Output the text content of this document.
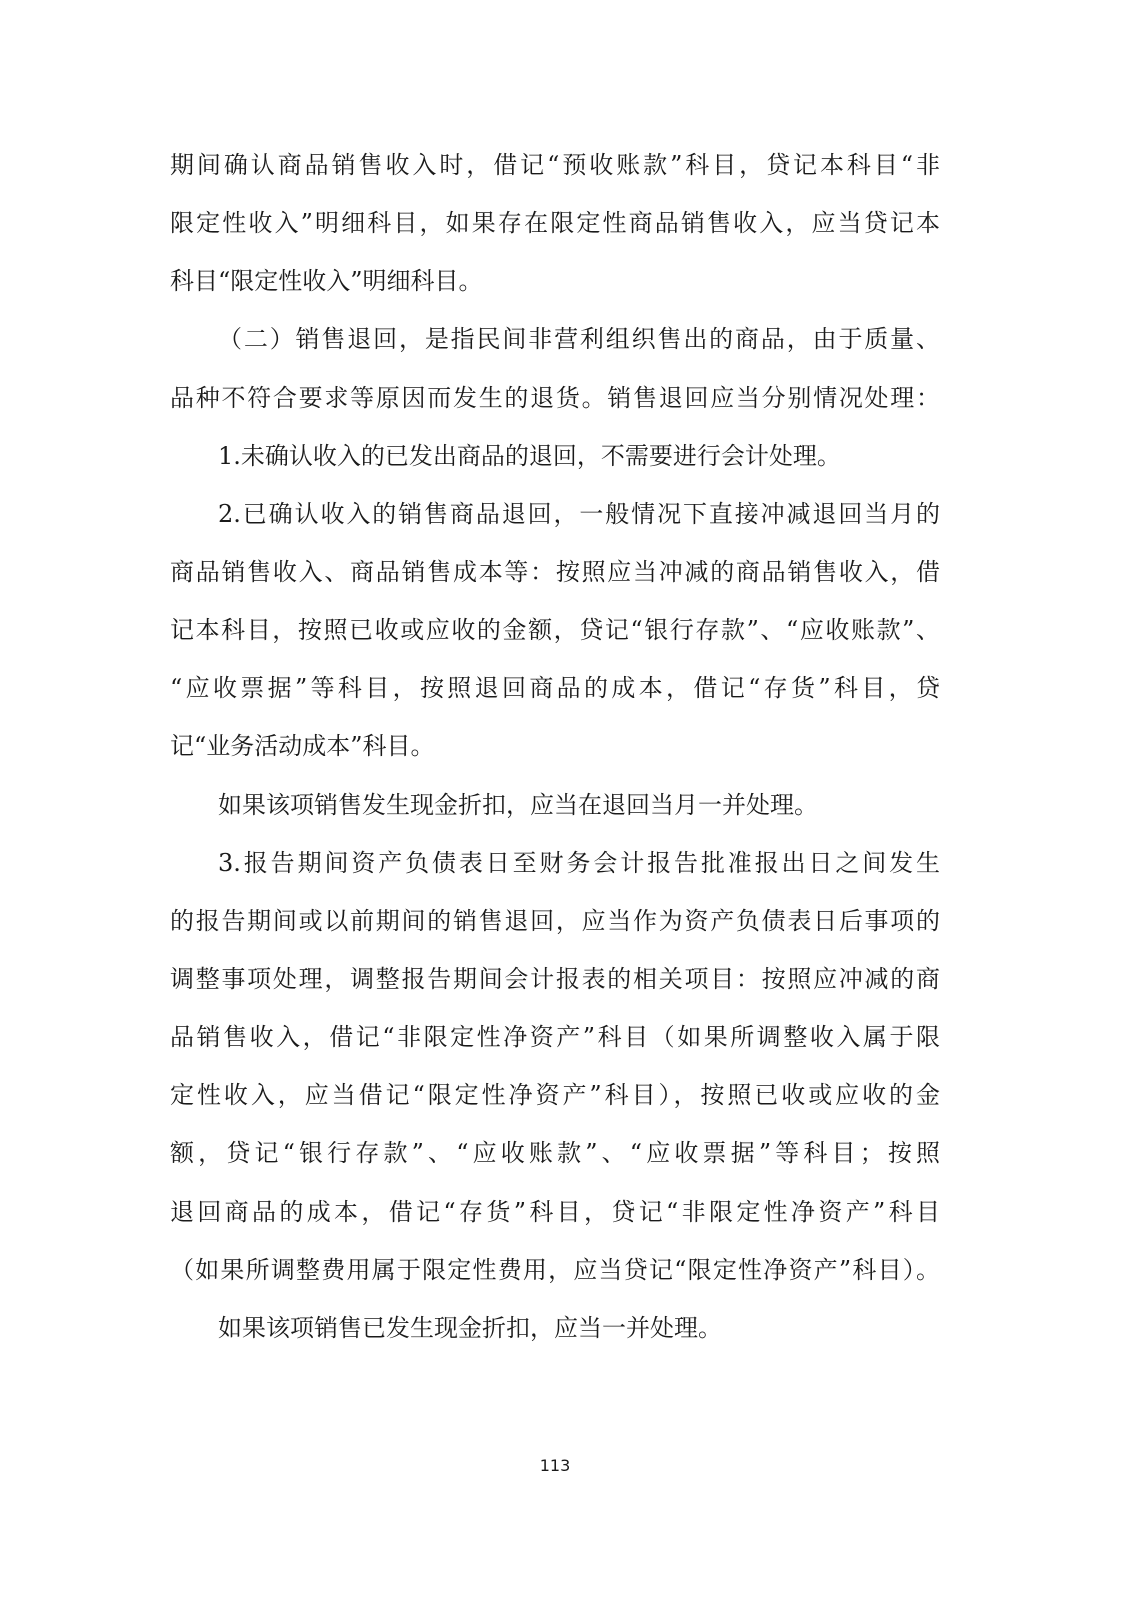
期间确认商品销售收入时，借记“预收账款”科目，贷记本科目“非
限定性收入”明细科目，如果存在限定性商品销售收入，应当贷记本
科目“限定性收入”明细科目。
（二）销售退回，是指民间非营利组织售出的商品，由于质量、
品种不符合要求等原因而发生的退货。销售退回应当分别情况处理：
1.未确认收入的已发出商品的退回，不需要进行会计处理。
2.已确认收入的销售商品退回，一般情况下直接冲减退回当月的
商品销售收入、商品销售成本等：按照应当冲减的商品销售收入，借
记本科目，按照已收或应收的金额，贷记“银行存款”、“应收账款”、
“应收票据”等科目，按照退回商品的成本，借记“存货”科目，贷
记“业务活动成本”科目。
如果该项销售发生现金折扣，应当在退回当月一并处理。
3.报告期间资产负债表日至财务会计报告批准报出日之间发生
的报告期间或以前期间的销售退回，应当作为资产负债表日后事项的
调整事项处理，调整报告期间会计报表的相关项目：按照应冲减的商
品销售收入，借记“非限定性净资产”科目（如果所调整收入属于限
定性收入，应当借记“限定性净资产”科目），按照已收或应收的金
额，贷记“银行存款”、“应收账款”、“应收票据”等科目；按照
退回商品的成本，借记“存货”科目，贷记“非限定性净资产”科目
（如果所调整费用属于限定性费用，应当贷记“限定性净资产”科目）。
如果该项销售已发生现金折扣，应当一并处理。
113
